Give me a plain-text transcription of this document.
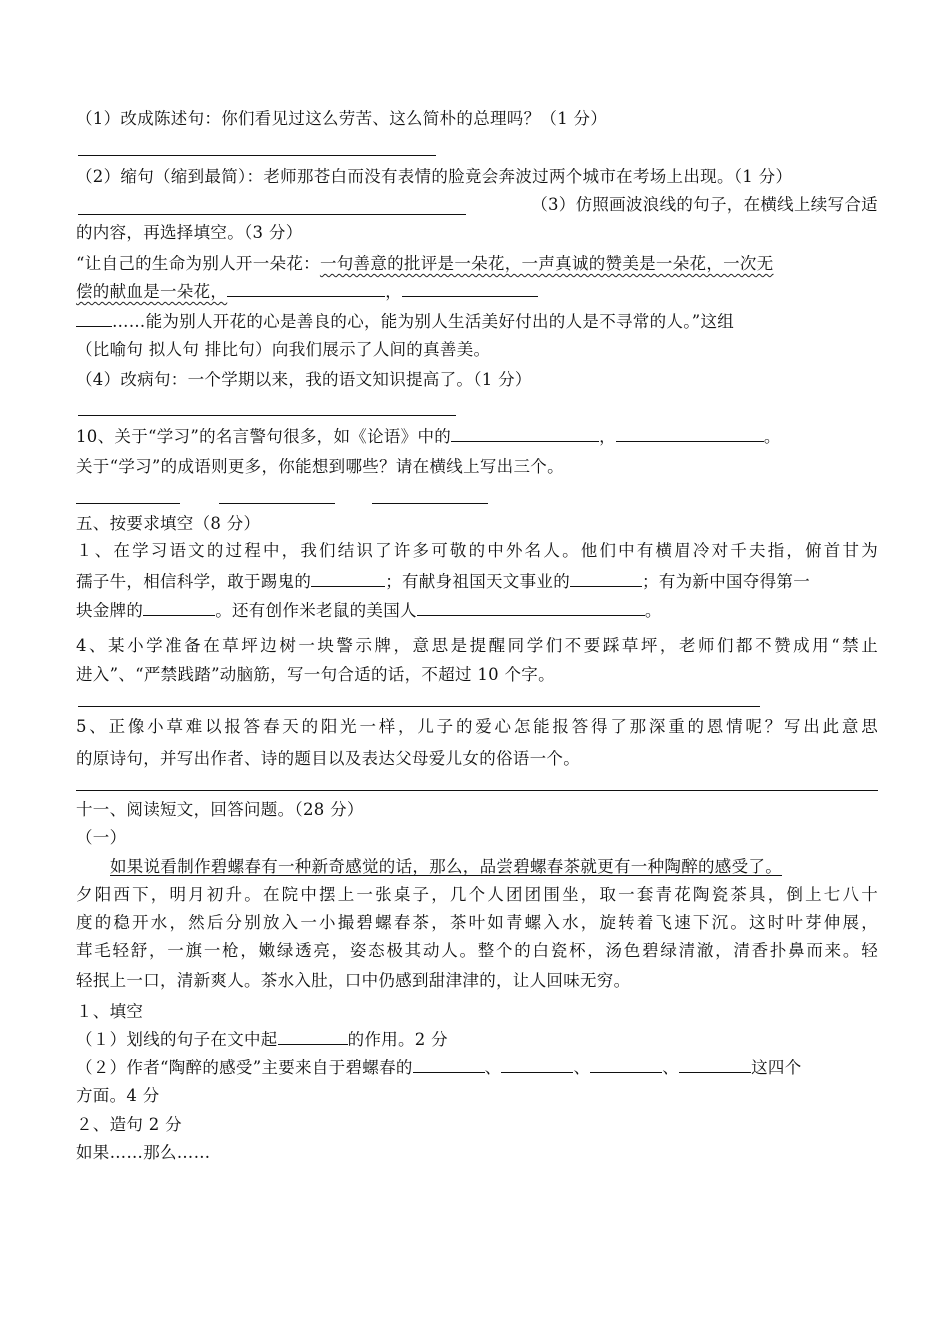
（1）改成陈述句：你们看见过这么劳苦、这么简朴的总理吗？（1 分）
（2）缩句（缩到最简）：老师那苍白而没有表情的脸竟会奔波过两个城市在考场上出现。（1 分）
（3）仿照画波浪线的句子，在横线上续写合适
的内容，再选择填空。（3 分）
“让自己的生命为别人开一朵花：一句善意的批评是一朵花，一声真诚的赞美是一朵花，一次无
偿的献血是一朵花，	，
……能为别人开花的心是善良的心，能为别人生活美好付出的人是不寻常的人。”这组
（比喻句 拟人句 排比句）向我们展示了人间的真善美。
（4）改病句：一个学期以来，我的语文知识提高了。（1 分）
10、关于“学习”的名言警句很多，如《论语》中的	，	。
关于“学习”的成语则更多，你能想到哪些？请在横线上写出三个。
五、按要求填空（8 分）
１、在学习语文的过程中，我们结识了许多可敬的中外名人。他们中有横眉冷对千夫指，俯首甘为
孺子牛，相信科学，敢于踢鬼的	；有献身祖国天文事业的	；有为新中国夺得第一
块金牌的	。还有创作米老鼠的美国人	。
4、某小学准备在草坪边树一块警示牌，意思是提醒同学们不要踩草坪，老师们都不赞成用“禁止
进入”、“严禁践踏”动脑筋，写一句合适的话，不超过 10 个字。
5、正像小草难以报答春天的阳光一样，儿子的爱心怎能报答得了那深重的恩情呢？写出此意思
的原诗句，并写出作者、诗的题目以及表达父母爱儿女的俗语一个。
十一、阅读短文，回答问题。（28 分）
（一）
如果说看制作碧螺春有一种新奇感觉的话，那么，品尝碧螺春茶就更有一种陶醉的感受了。
夕阳西下，明月初升。在院中摆上一张桌子，几个人团团围坐，取一套青花陶瓷茶具，倒上七八十
度的稳开水，然后分别放入一小撮碧螺春茶，茶叶如青螺入水，旋转着飞速下沉。这时叶芽伸展，
茸毛轻舒，一旗一枪，嫩绿透亮，姿态极其动人。整个的白瓷杯，汤色碧绿清澈，清香扑鼻而来。轻
轻抿上一口，清新爽人。茶水入肚，口中仍感到甜津津的，让人回味无穷。
１、填空
（１）划线的句子在文中起	的作用。2 分
（２）作者“陶醉的感受”主要来自于碧螺春的	、	、	、	这四个
方面。4 分
２、造句 2 分
如果……那么……
